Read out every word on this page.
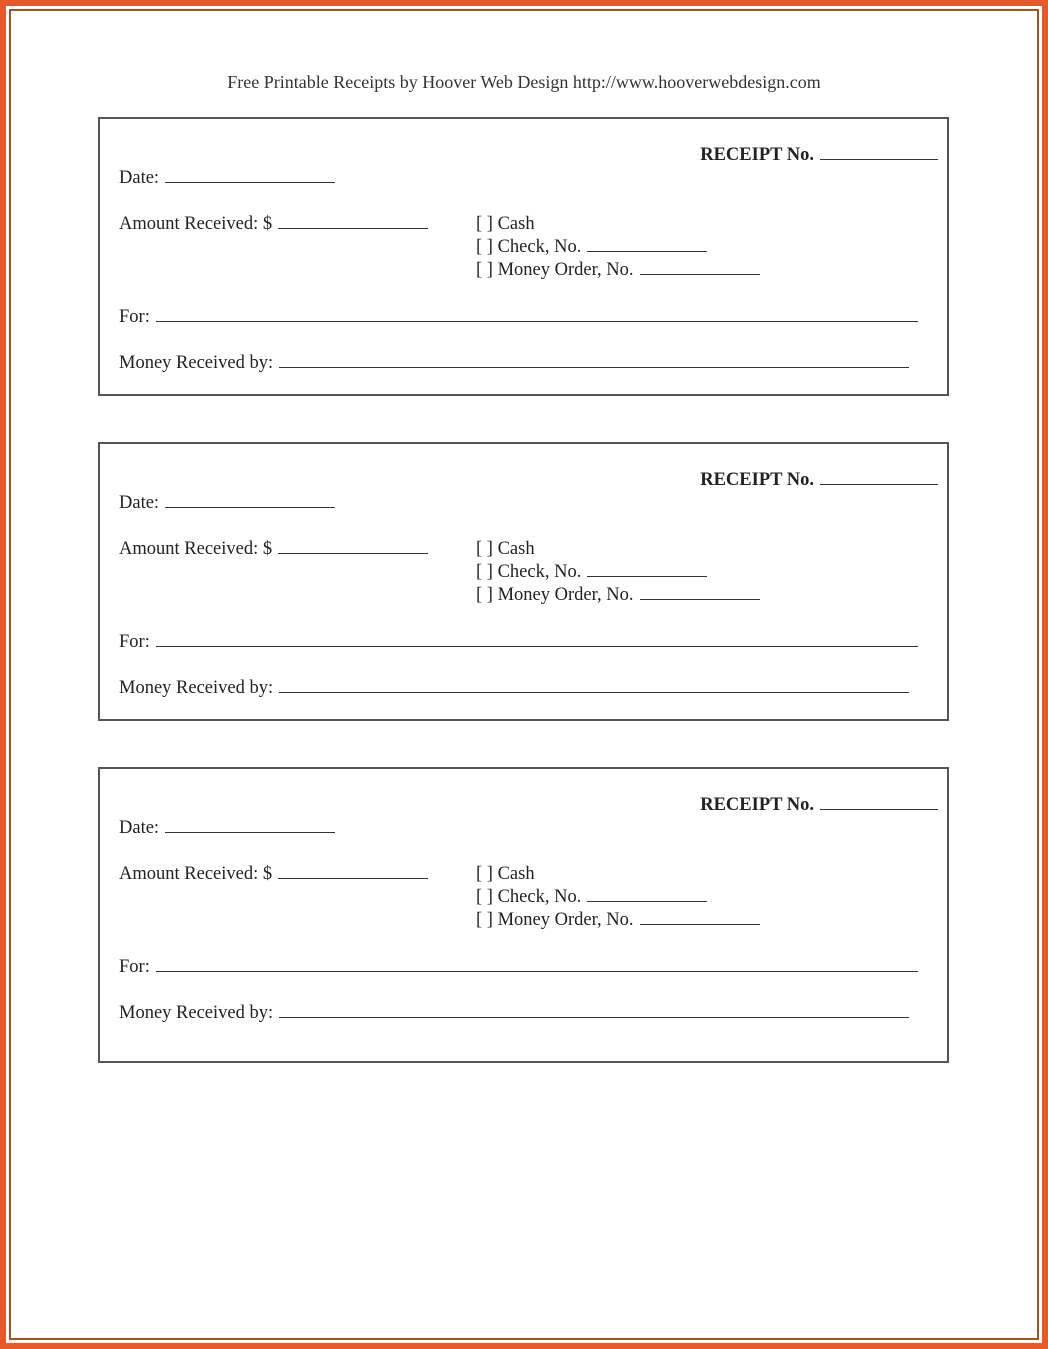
Free Printable Receipts by Hoover Web Design http://www.hooverwebdesign.com
RECEIPT No.
Date:
Amount Received: $	[ ] Cash
[ ] Check, No.
[ ] Money Order, No.
For:
Money Received by:
RECEIPT No.
Date:
Amount Received: $	[ ] Cash
[ ] Check, No.
[ ] Money Order, No.
For:
Money Received by:
RECEIPT No.
Date:
Amount Received: $	[ ] Cash
[ ] Check, No.
[ ] Money Order, No.
For:
Money Received by:
